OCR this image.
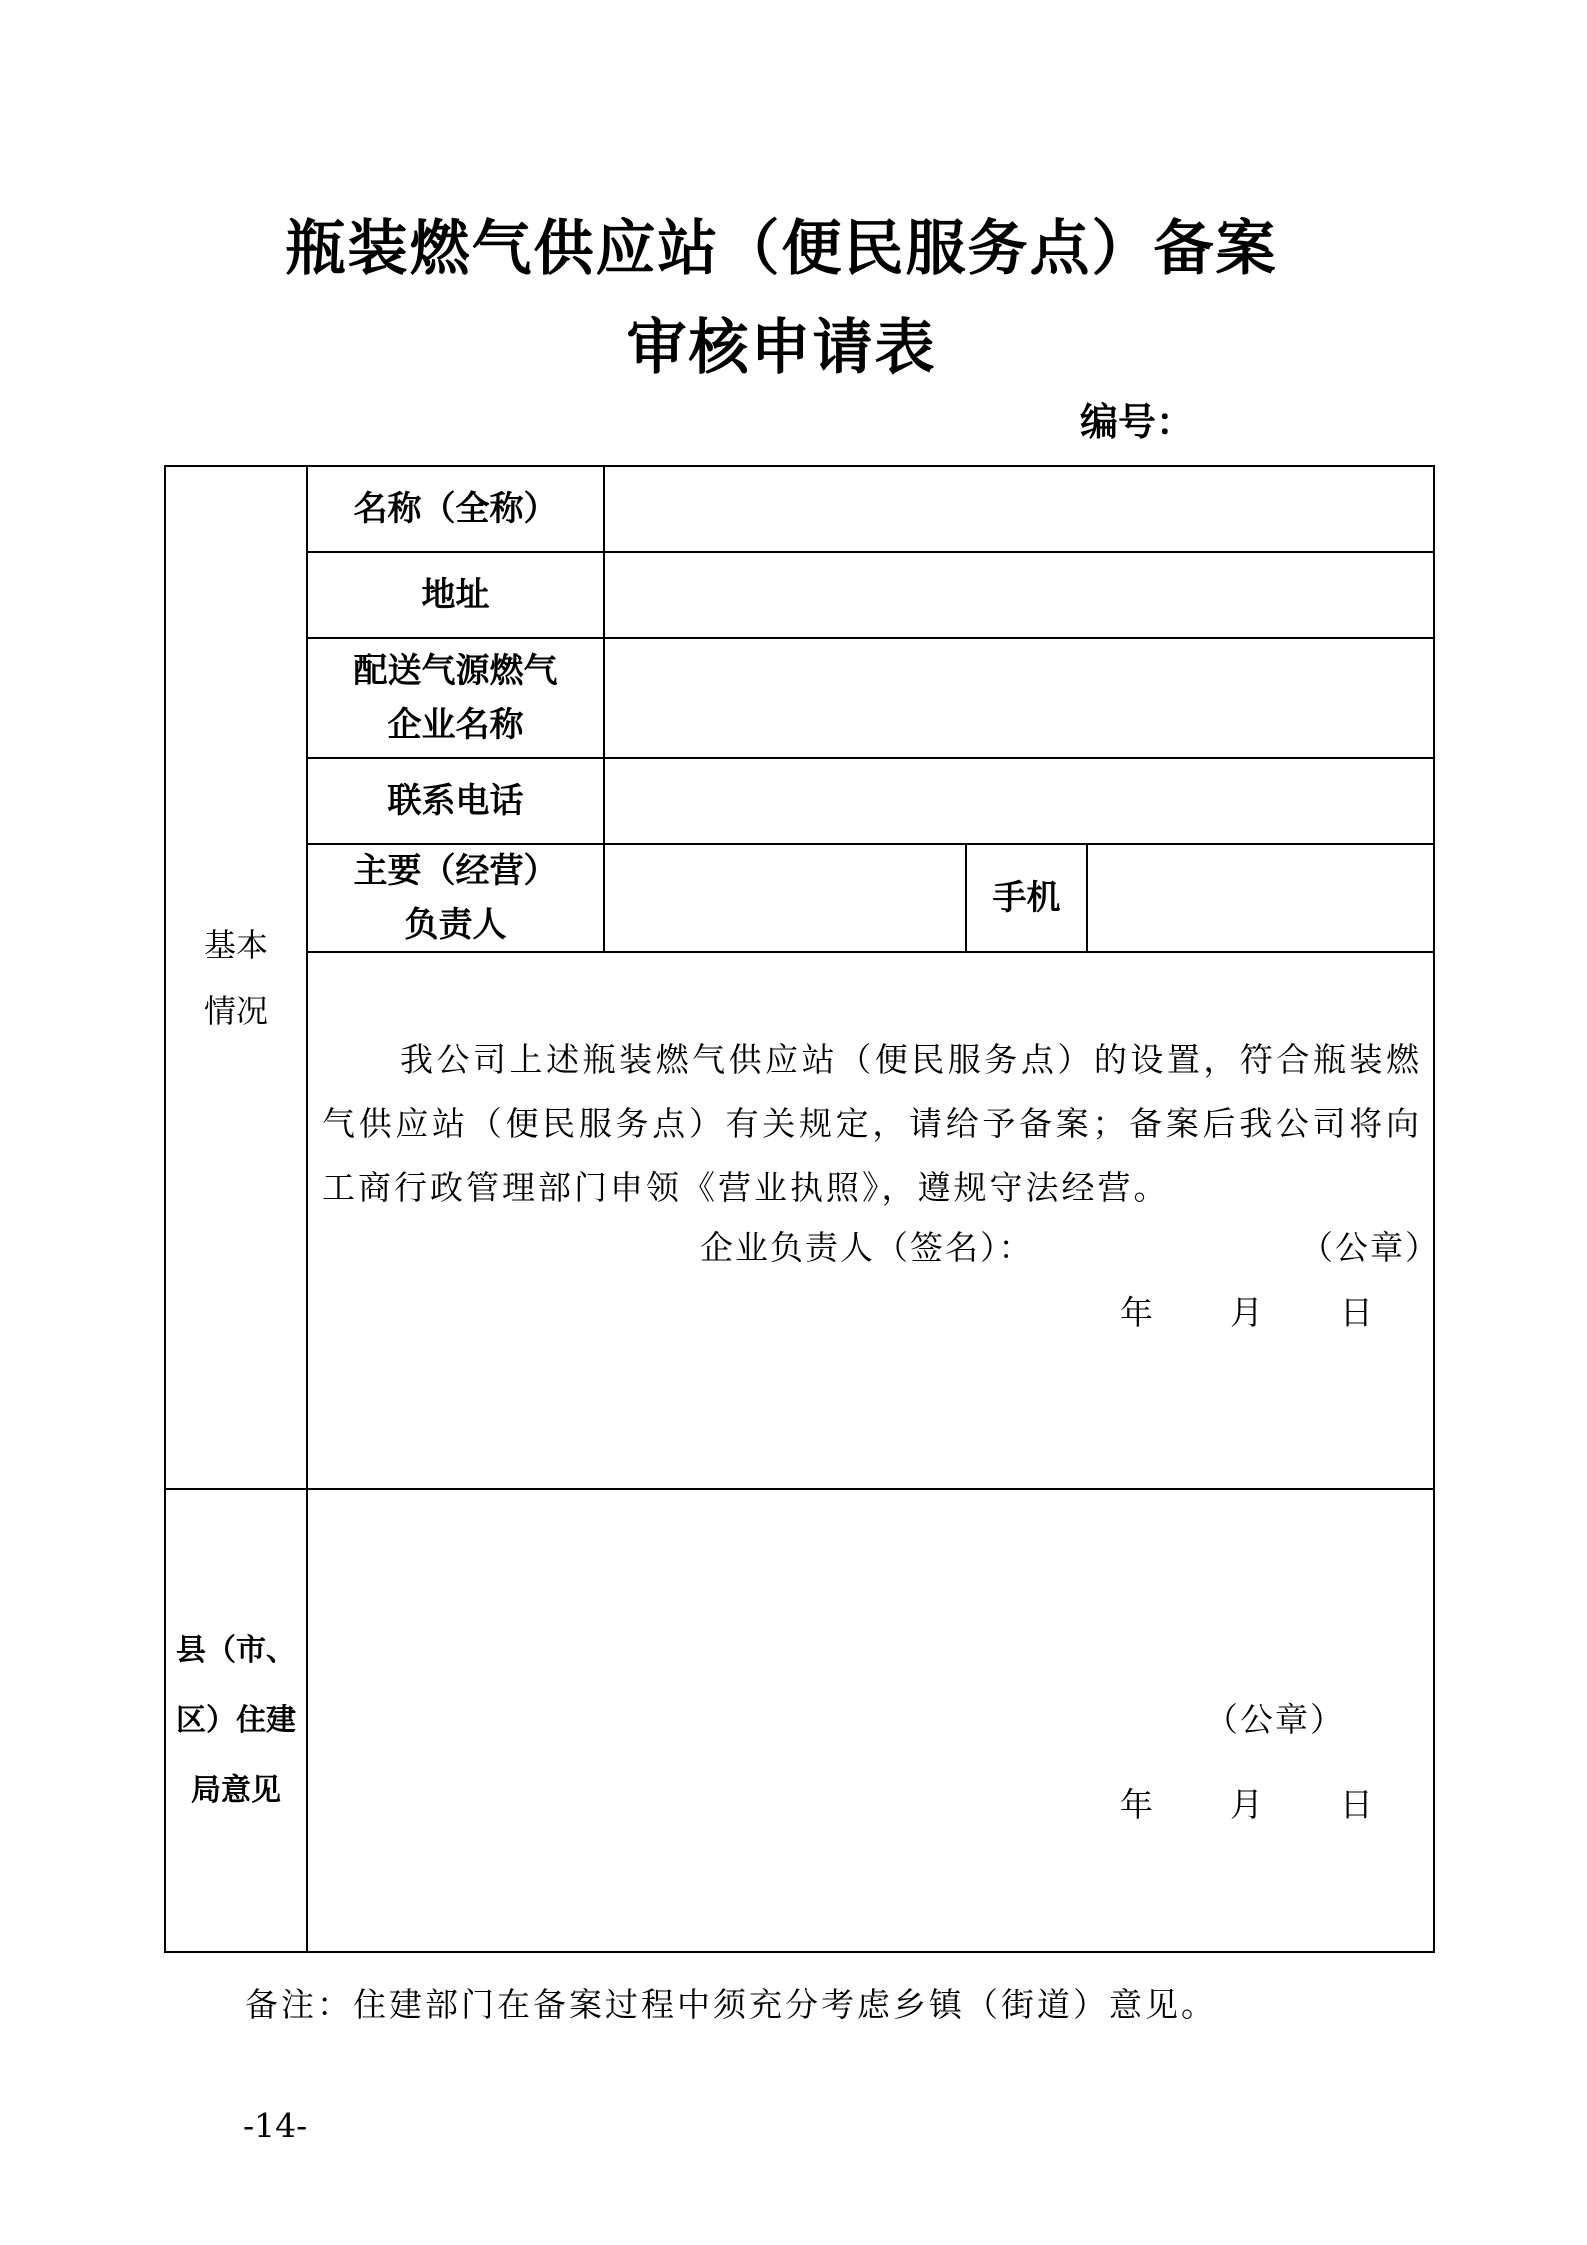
瓶装燃气供应站（便民服务点）备案
审核申请表
编号：
基本
情况
县（市、
区）住建
局意见
名称（全称）
地址
配送气源燃气
企业名称
联系电话
主要（经营）
负责人
手机
我公司上述瓶装燃气供应站（便民服务点）的设置，符合瓶装燃气供应站（便民服务点）有关规定，请给予备案；备案后我公司将向工商行政管理部门申领《营业执照》，遵规守法经营。
企业负责人（签名）：	（公章）
年      月      日
（公章）
年      月      日
备注：住建部门在备案过程中须充分考虑乡镇（街道）意见。
-14-
